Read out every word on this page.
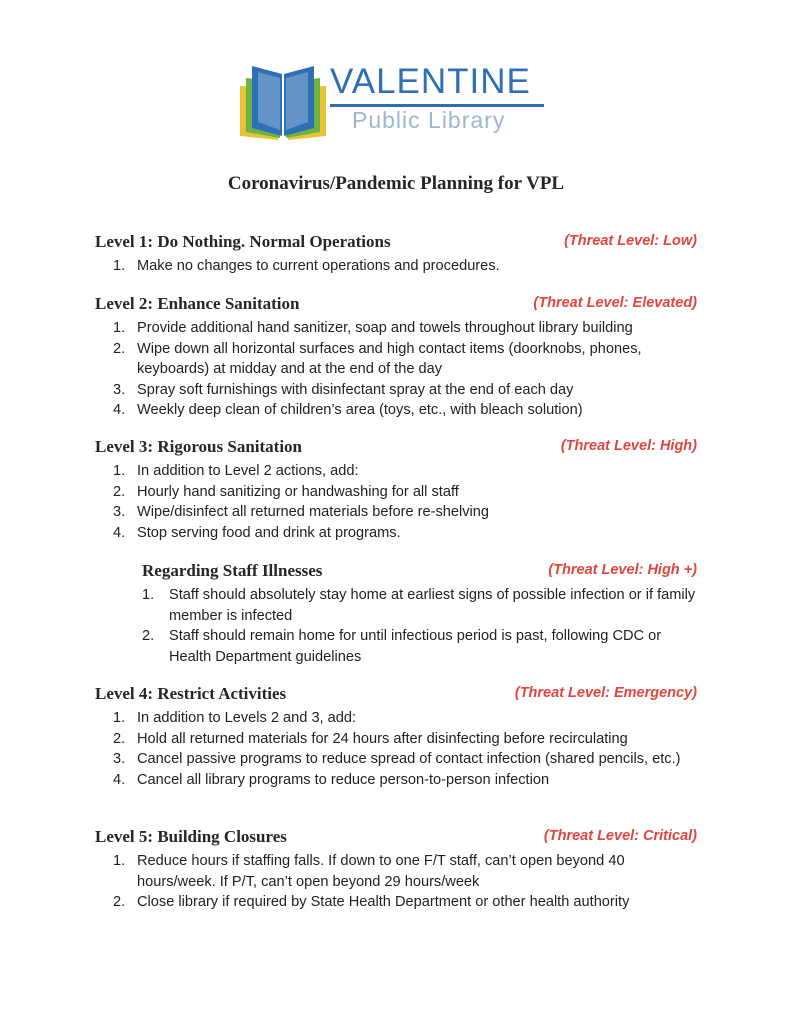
VALENTINE
Public Library
Coronavirus/Pandemic Planning for VPL
Level 1: Do Nothing. Normal Operations	(Threat Level: Low)
1. Make no changes to current operations and procedures.
Level 2: Enhance Sanitation	(Threat Level: Elevated)
1. Provide additional hand sanitizer, soap and towels throughout library building
2. Wipe down all horizontal surfaces and high contact items (doorknobs, phones, keyboards) at midday and at the end of the day
3. Spray soft furnishings with disinfectant spray at the end of each day
4. Weekly deep clean of children’s area (toys, etc., with bleach solution)
Level 3: Rigorous Sanitation	(Threat Level: High)
1. In addition to Level 2 actions, add:
2. Hourly hand sanitizing or handwashing for all staff
3. Wipe/disinfect all returned materials before re-shelving
4. Stop serving food and drink at programs.
Regarding Staff Illnesses	(Threat Level: High +)
1. Staff should absolutely stay home at earliest signs of possible infection or if family member is infected
2. Staff should remain home for until infectious period is past, following CDC or Health Department guidelines
Level 4: Restrict Activities	(Threat Level: Emergency)
1. In addition to Levels 2 and 3, add:
2. Hold all returned materials for 24 hours after disinfecting before recirculating
3. Cancel passive programs to reduce spread of contact infection (shared pencils, etc.)
4. Cancel all library programs to reduce person-to-person infection
Level 5: Building Closures	(Threat Level: Critical)
1. Reduce hours if staffing falls. If down to one F/T staff, can’t open beyond 40 hours/week. If P/T, can’t open beyond 29 hours/week
2. Close library if required by State Health Department or other health authority
